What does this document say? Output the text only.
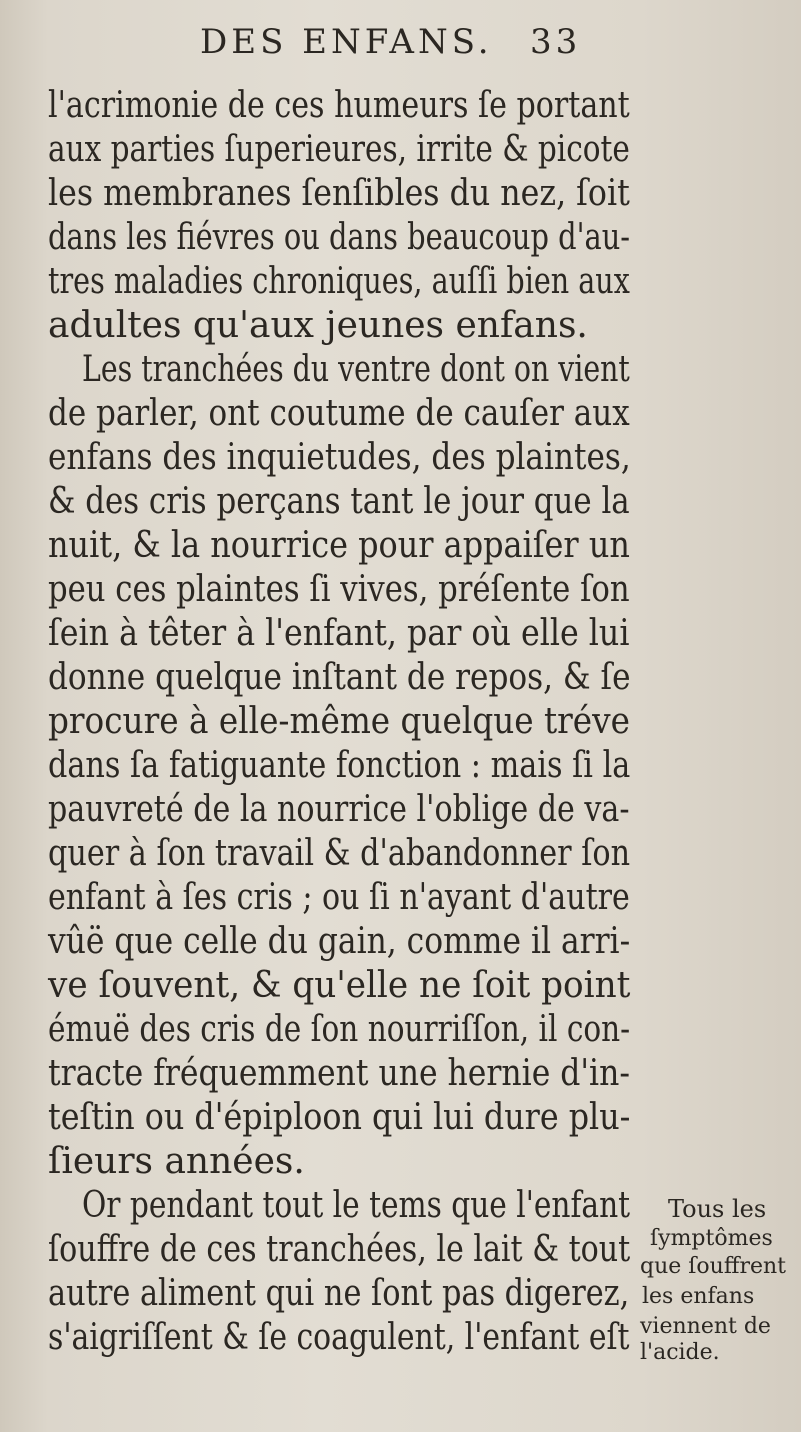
DES ENFANS. 33
l'acrimonie de ces humeurs ſe portant
aux parties ſuperieures, irrite & picote
les membranes ſenſibles du nez, ſoit
dans les fiévres ou dans beaucoup d'au-
tres maladies chroniques, auſſi bien aux
adultes qu'aux jeunes enfans.
Les tranchées du ventre dont on vient
de parler, ont coutume de cauſer aux
enfans des inquietudes, des plaintes,
& des cris perçans tant le jour que la
nuit, & la nourrice pour appaiſer un
peu ces plaintes ſi vives, préſente ſon
ſein à têter à l'enfant, par où elle lui
donne quelque inſtant de repos, & ſe
procure à elle-même quelque tréve
dans ſa fatiguante fonction : mais ſi la
pauvreté de la nourrice l'oblige de va-
quer à ſon travail & d'abandonner ſon
enfant à ſes cris ; ou ſi n'ayant d'autre
vûë que celle du gain, comme il arri-
ve ſouvent, & qu'elle ne ſoit point
émuë des cris de ſon nourriſſon, il con-
tracte fréquemment une hernie d'in-
teſtin ou d'épiploon qui lui dure plu-
ſieurs années.
Or pendant tout le tems que l'enfant
ſouffre de ces tranchées, le lait & tout
autre aliment qui ne ſont pas digerez,
s'aigriſſent & ſe coagulent, l'enfant eſt
Tous les
ſymptômes
que ſouffrent
les enfans
viennent de
l'acide.
